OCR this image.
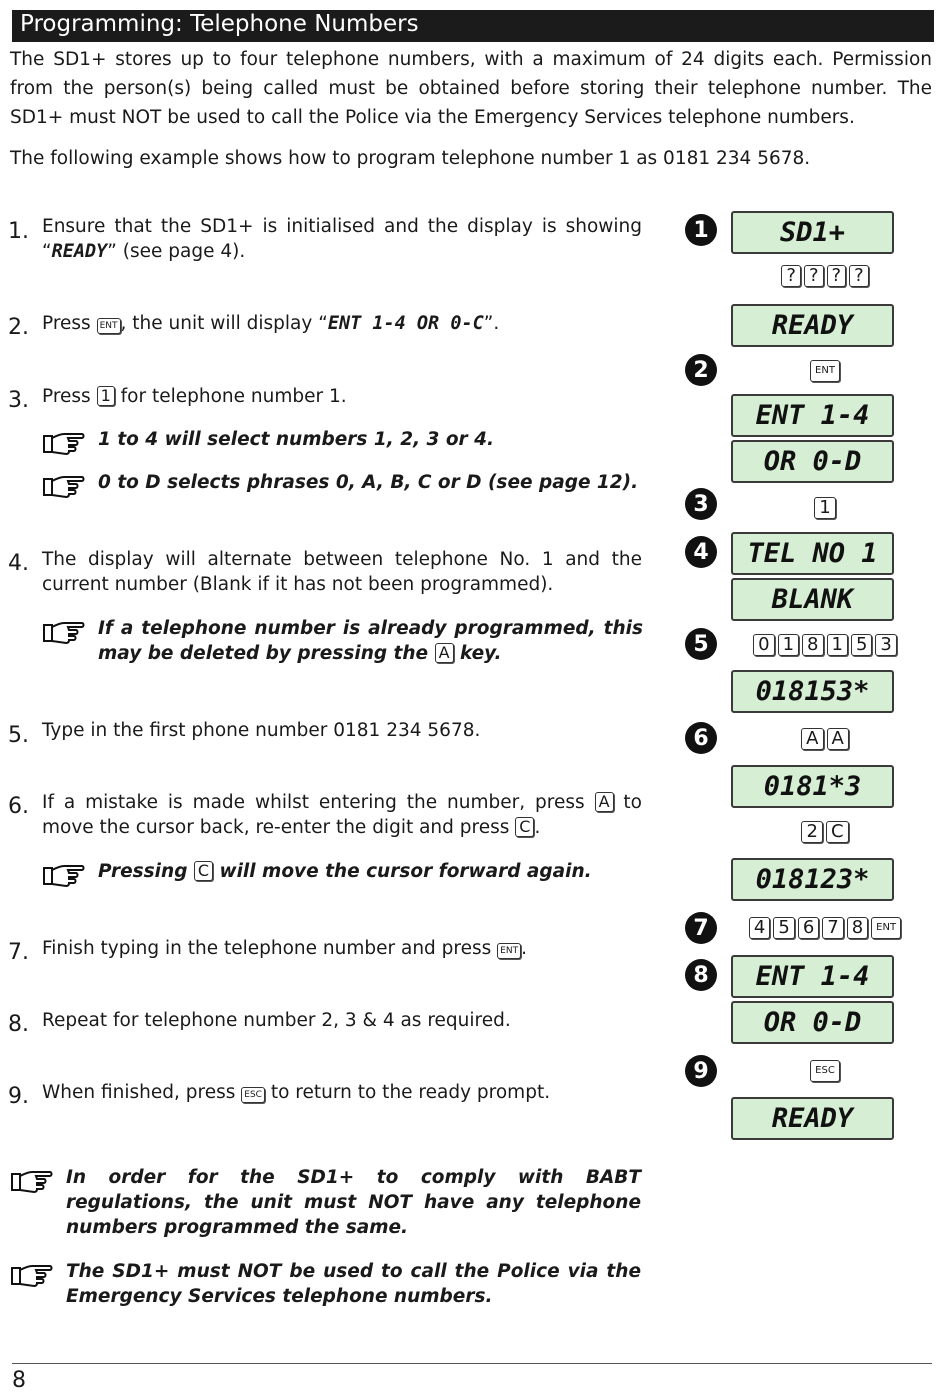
Programming: Telephone Numbers
The SD1+ stores up to four telephone numbers, with a maximum of 24 digits each. Permission from the person(s) being called must be obtained before storing their telephone number. The SD1+ must NOT be used to call the Police via the Emergency Services telephone numbers.
The following example shows how to program telephone number 1 as 0181 234 5678.
1. Ensure that the SD1+ is initialised and the display is showing “READY” (see page 4).
2. Press ENT , the unit will display “ENT 1-4 OR 0-C”.
3. Press 1 for telephone number 1.
1 to 4 will select numbers 1, 2, 3 or 4.
0 to D selects phrases 0, A, B, C or D (see page 12).
4. The display will alternate between telephone No. 1 and the current number (Blank if it has not been programmed).
If a telephone number is already programmed, this may be deleted by pressing the A key.
5. Type in the first phone number 0181 234 5678.
6. If a mistake is made whilst entering the number, press A to move the cursor back, re-enter the digit and press C .
Pressing C will move the cursor forward again.
7. Finish typing in the telephone number and press ENT .
8. Repeat for telephone number 2, 3 & 4 as required.
9. When finished, press ESC to return to the ready prompt.
In order for the SD1+ to comply with BABT regulations, the unit must NOT have any telephone numbers programmed the same.
The SD1+ must NOT be used to call the Police via the Emergency Services telephone numbers.
1
2
3
4
5
6
7
8
9
SD1+
? ? ? ?
READY
ENT
ENT 1-4
OR 0-D
1
TEL NO 1
BLANK
0 1 8 1 5 3
018153*
A A
0181*3
2 C
018123*
4 5 6 7 8	ENT
ENT 1-4
OR 0-D
ESC
READY
8
